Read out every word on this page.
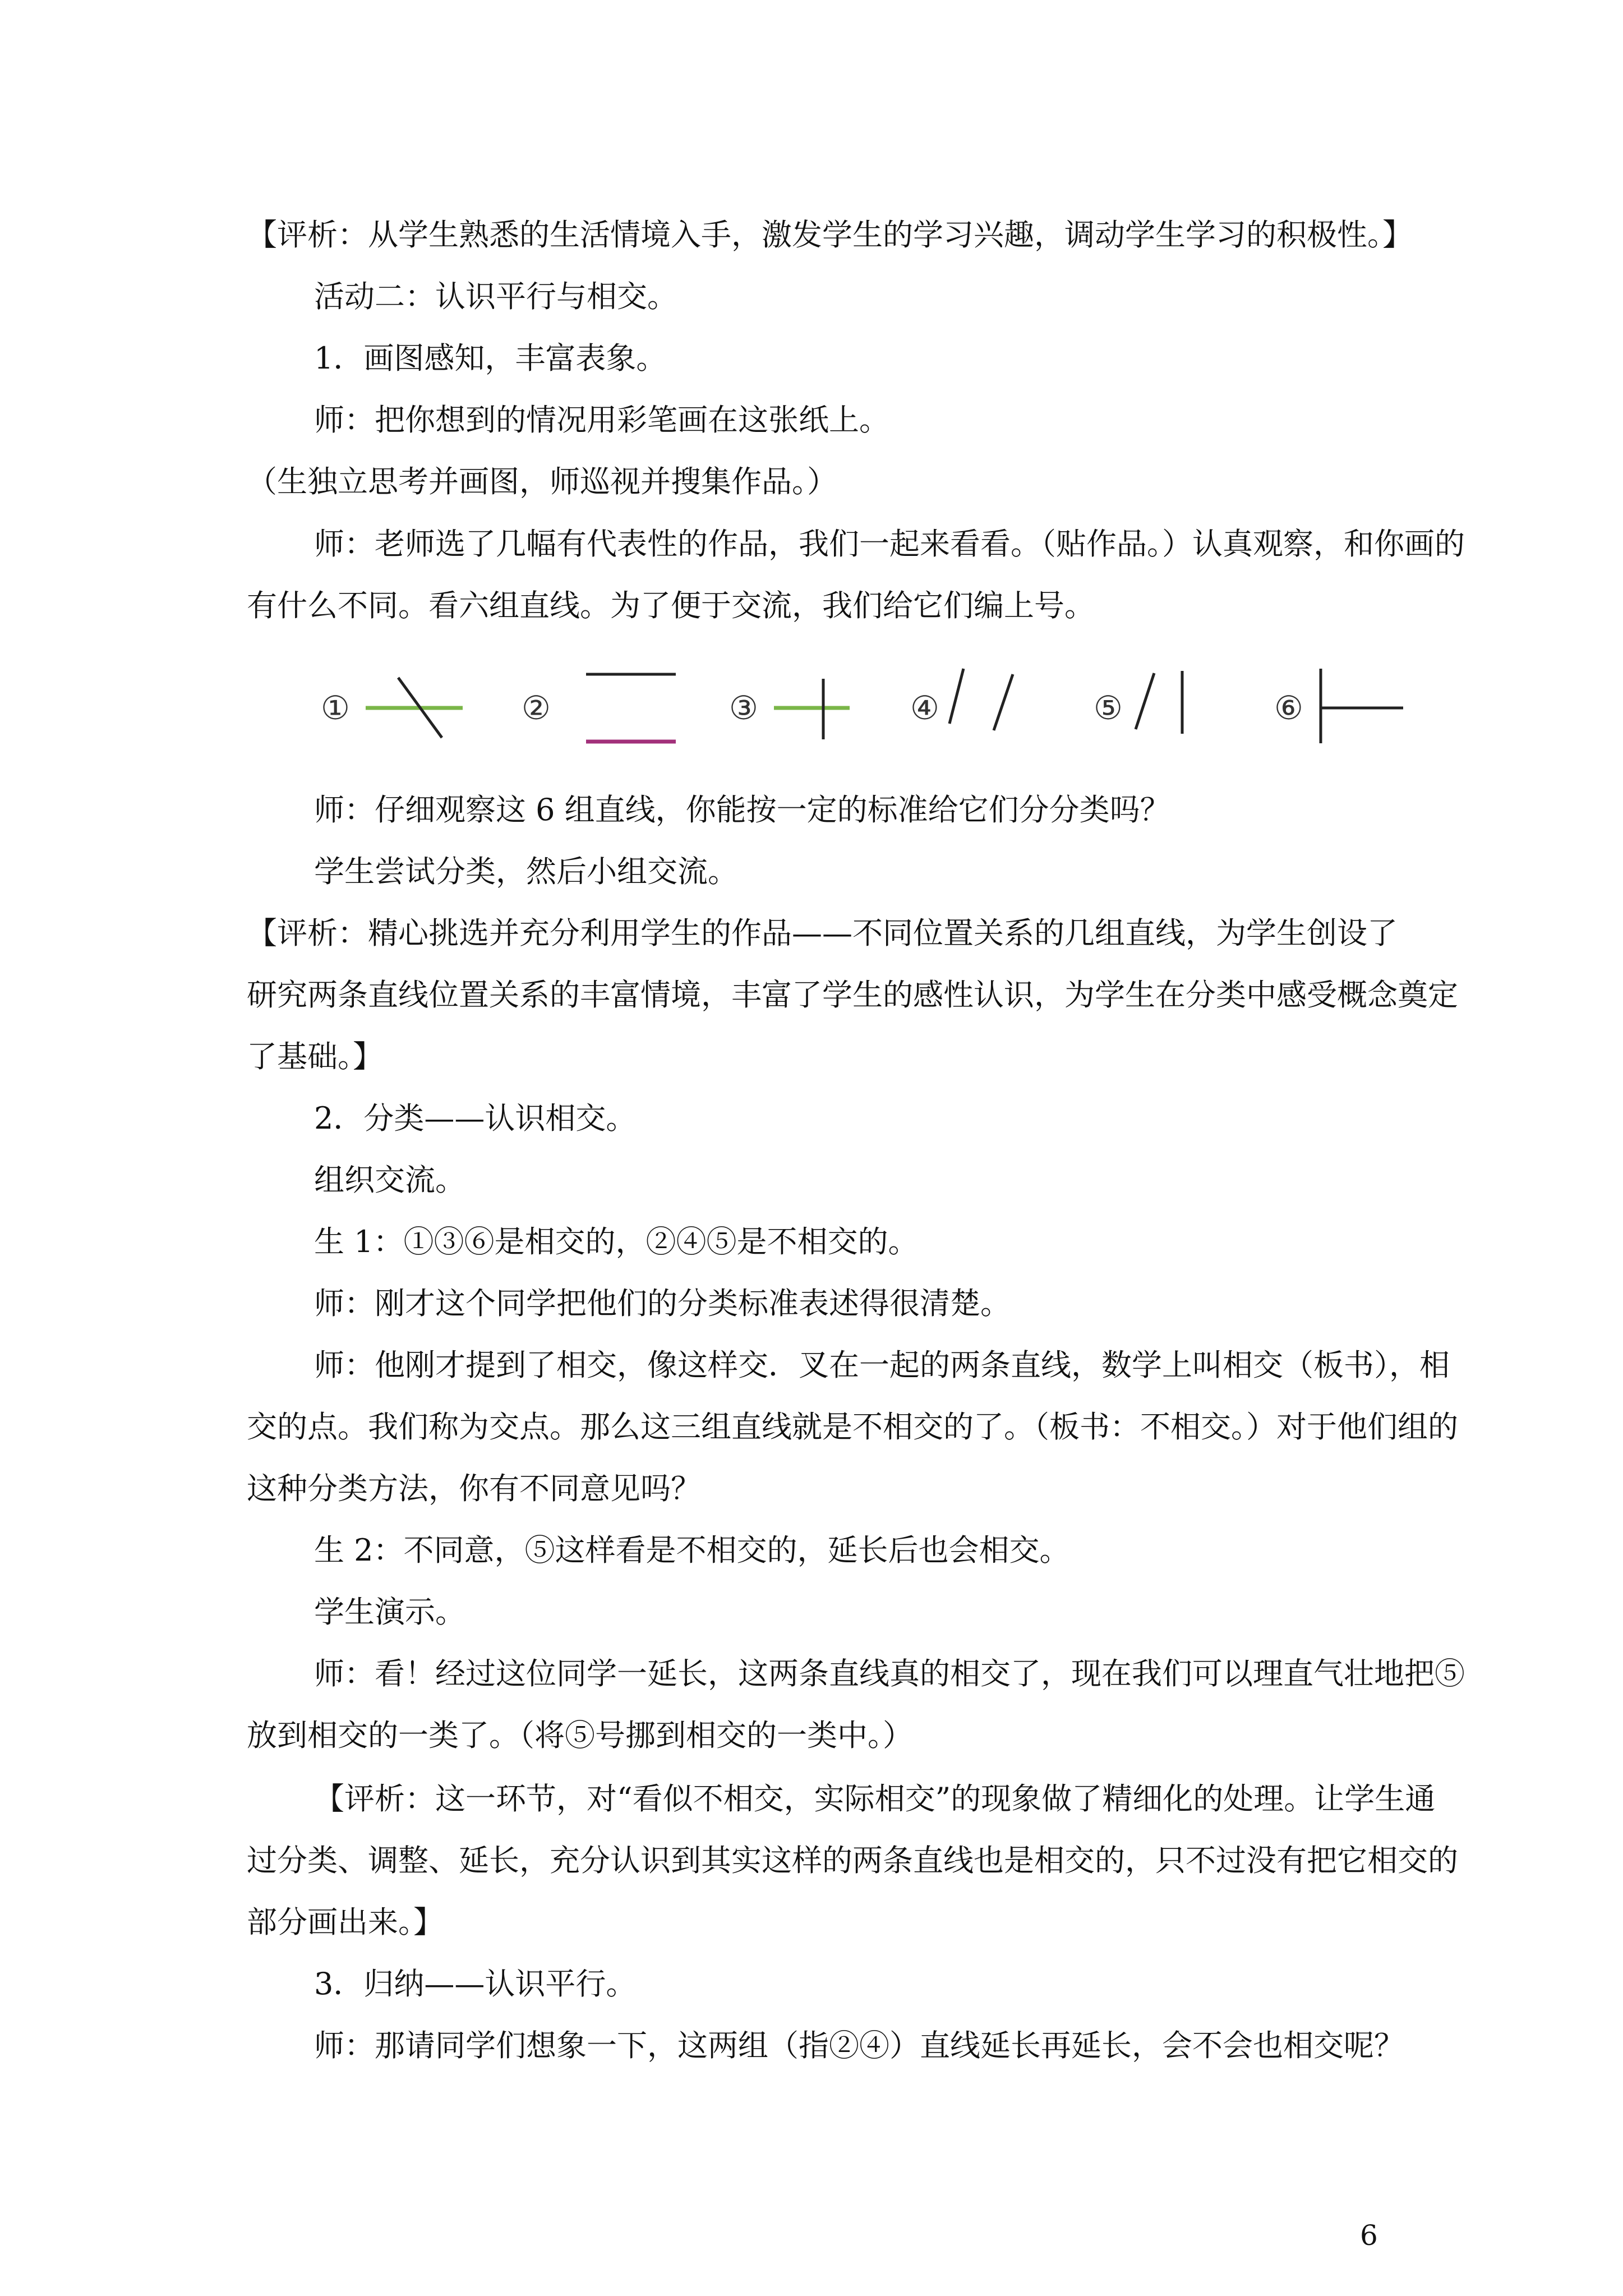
【评析：从学生熟悉的生活情境入手，激发学生的学习兴趣，调动学生学习的积极性。】
活动二：认识平行与相交。
1．画图感知，丰富表象。
师：把你想到的情况用彩笔画在这张纸上。
（生独立思考并画图，师巡视并搜集作品。）
师：老师选了几幅有代表性的作品，我们一起来看看。（贴作品。）认真观察，和你画的
有什么不同。看六组直线。为了便于交流，我们给它们编上号。
①	②	③	④	⑤	⑥
师：仔细观察这 6 组直线，你能按一定的标准给它们分分类吗？
学生尝试分类，然后小组交流。
【评析：精心挑选并充分利用学生的作品——不同位置关系的几组直线，为学生创设了
研究两条直线位置关系的丰富情境，丰富了学生的感性认识，为学生在分类中感受概念奠定
了基础。】
2．分类——认识相交。
组织交流。
生 1：①③⑥是相交的，②④⑤是不相交的。
师：刚才这个同学把他们的分类标准表述得很清楚。
师：他刚才提到了相交，像这样交．叉在一起的两条直线，数学上叫相交（板书），相
交的点。我们称为交点。那么这三组直线就是不相交的了。（板书：不相交。）对于他们组的
这种分类方法，你有不同意见吗？
生 2：不同意，⑤这样看是不相交的，延长后也会相交。
学生演示。
师：看！经过这位同学一延长，这两条直线真的相交了，现在我们可以理直气壮地把⑤
放到相交的一类了。（将⑤号挪到相交的一类中。）
【评析：这一环节，对“看似不相交，实际相交”的现象做了精细化的处理。让学生通
过分类、调整、延长，充分认识到其实这样的两条直线也是相交的，只不过没有把它相交的
部分画出来。】
3．归纳——认识平行。
师：那请同学们想象一下，这两组（指②④）直线延长再延长，会不会也相交呢？
6
